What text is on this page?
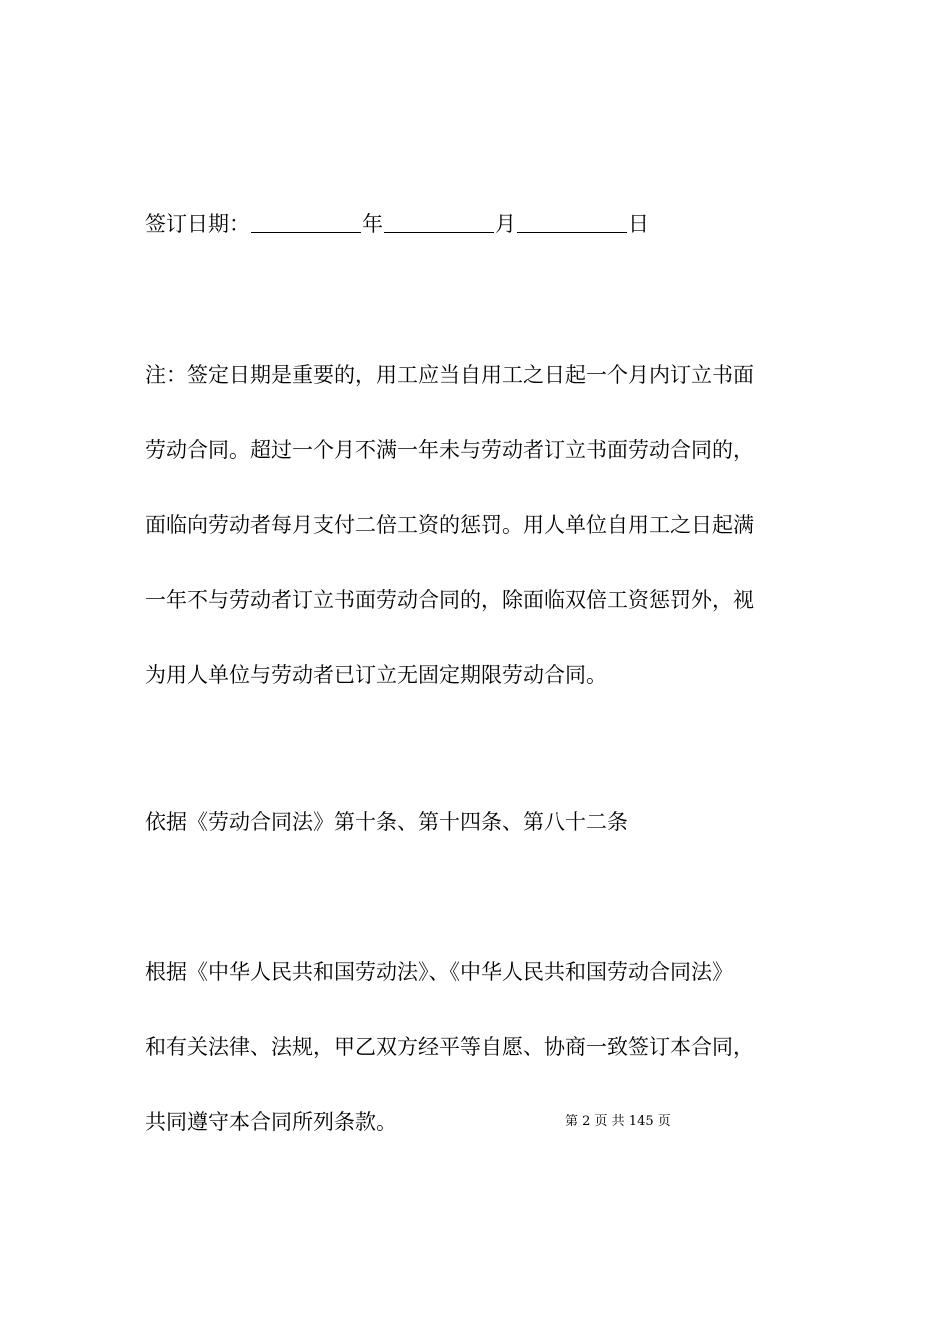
签订日期：	年	月	日
注：签定日期是重要的，用工应当自用工之日起一个月内订立书面
劳动合同。超过一个月不满一年未与劳动者订立书面劳动合同的，
面临向劳动者每月支付二倍工资的惩罚。用人单位自用工之日起满
一年不与劳动者订立书面劳动合同的，除面临双倍工资惩罚外，视
为用人单位与劳动者已订立无固定期限劳动合同。
依据《劳动合同法》第十条、第十四条、第八十二条
根据《中华人民共和国劳动法》、《中华人民共和国劳动合同法》
和有关法律、法规，甲乙双方经平等自愿、协商一致签订本合同，
共同遵守本合同所列条款。	第 2 页 共 145 页
